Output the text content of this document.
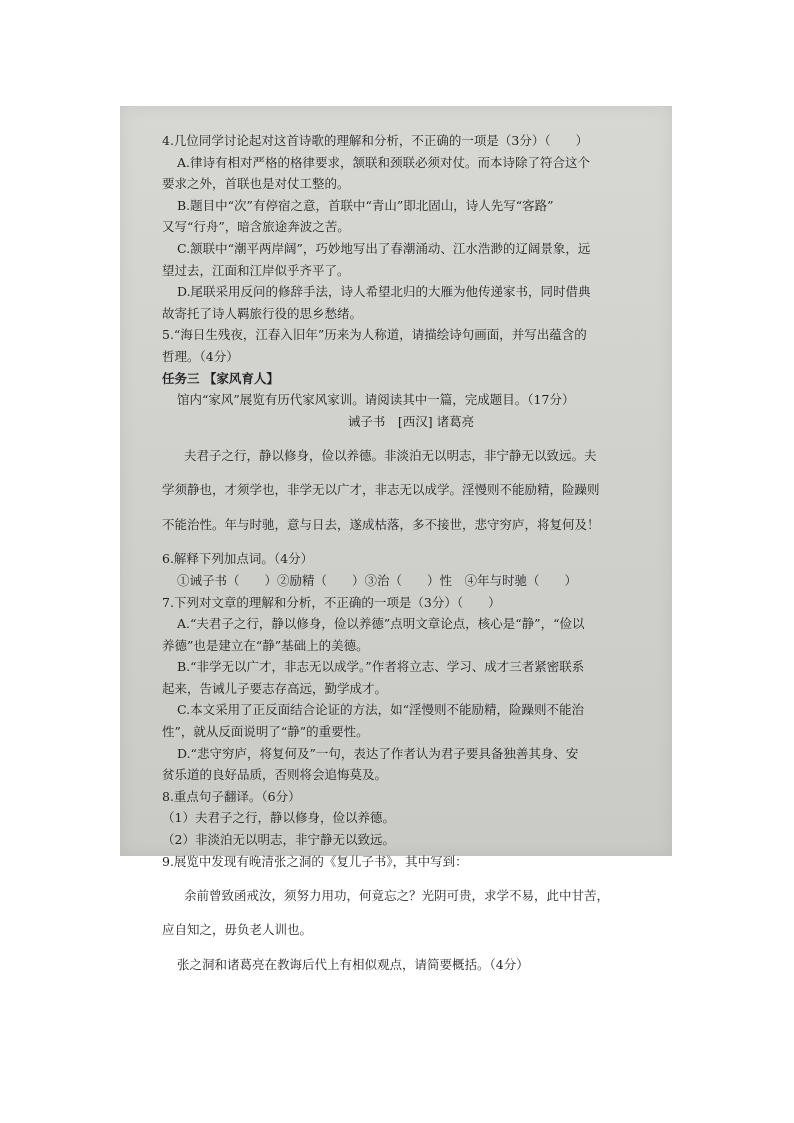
4.几位同学讨论起对这首诗歌的理解和分析，不正确的一项是（3分）（　　）

A.律诗有相对严格的格律要求，颔联和颈联必须对仗。而本诗除了符合这个

要求之外，首联也是对仗工整的。

B.题目中“次”有停宿之意，首联中“青山”即北固山，诗人先写“客路”

又写“行舟”，暗含旅途奔波之苦。

C.颔联中“潮平两岸阔”，巧妙地写出了春潮涌动、江水浩渺的辽阔景象，远

望过去，江面和江岸似乎齐平了。

D.尾联采用反问的修辞手法，诗人希望北归的大雁为他传递家书，同时借典

故寄托了诗人羁旅行役的思乡愁绪。

5.“海日生残夜，江春入旧年”历来为人称道，请描绘诗句画面，并写出蕴含的

哲理。（4分）

任务三 【家风育人】

馆内“家风”展览有历代家风家训。请阅读其中一篇，完成题目。（17分）

诫子书　[西汉] 诸葛亮

夫君子之行，静以修身，俭以养德。非淡泊无以明志，非宁静无以致远。夫

学须静也，才须学也，非学无以广才，非志无以成学。淫慢则不能励精，险躁则

不能治性。年与时驰，意与日去，遂成枯落，多不接世，悲守穷庐，将复何及！

6.解释下列加点词。（4分）

①诫子书（　　）②励精（　　）③治（　　）性　④年与时驰（　　）

7.下列对文章的理解和分析，不正确的一项是（3分）（　　）

A.“夫君子之行，静以修身，俭以养德”点明文章论点，核心是“静”，“俭以

养德”也是建立在“静”基础上的美德。

B.“非学无以广才，非志无以成学。”作者将立志、学习、成才三者紧密联系

起来，告诫儿子要志存高远，勤学成才。

C.本文采用了正反面结合论证的方法，如“淫慢则不能励精，险躁则不能治

性”，就从反面说明了“静”的重要性。

D.“悲守穷庐，将复何及”一句，表达了作者认为君子要具备独善其身、安

贫乐道的良好品质，否则将会追悔莫及。

8.重点句子翻译。（6分）

（1）夫君子之行，静以修身，俭以养德。

（2）非淡泊无以明志，非宁静无以致远。

9.展览中发现有晚清张之洞的《复儿子书》，其中写到：

余前曾致函戒汝，须努力用功，何竟忘之？光阴可贵，求学不易，此中甘苦，

应自知之，毋负老人训也。

张之洞和诸葛亮在教诲后代上有相似观点，请简要概括。（4分）
